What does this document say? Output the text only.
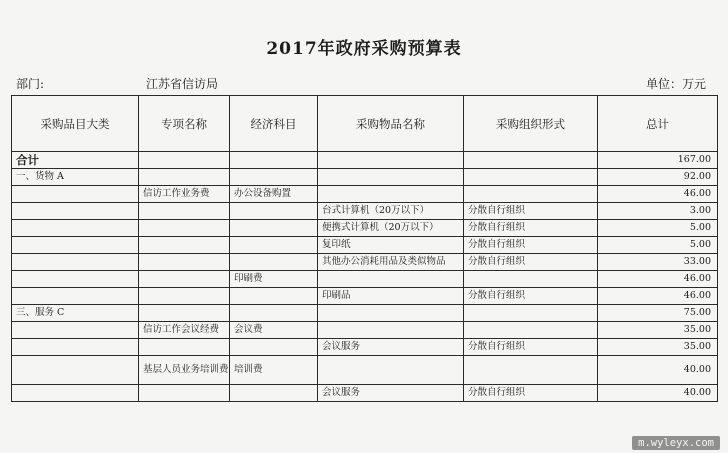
2017年政府采购预算表
部门:	江苏省信访局	单位：万元
采购品目大类	专项名称	经济科目	采购物品名称	采购组织形式	总计
合计					167.00
一、货物 A					92.00
	信访工作业务费	办公设备购置			46.00
			台式计算机（20万以下）	分散自行组织	3.00
			便携式计算机（20万以下）	分散自行组织	5.00
			复印纸	分散自行组织	5.00
			其他办公消耗用品及类似物品	分散自行组织	33.00
		印刷费			46.00
			印刷品	分散自行组织	46.00
三、服务 C					75.00
	信访工作会议经费	会议费			35.00
			会议服务	分散自行组织	35.00
	基层人员业务培训费	培训费			40.00
			会议服务	分散自行组织	40.00
m.wyleyx.com
